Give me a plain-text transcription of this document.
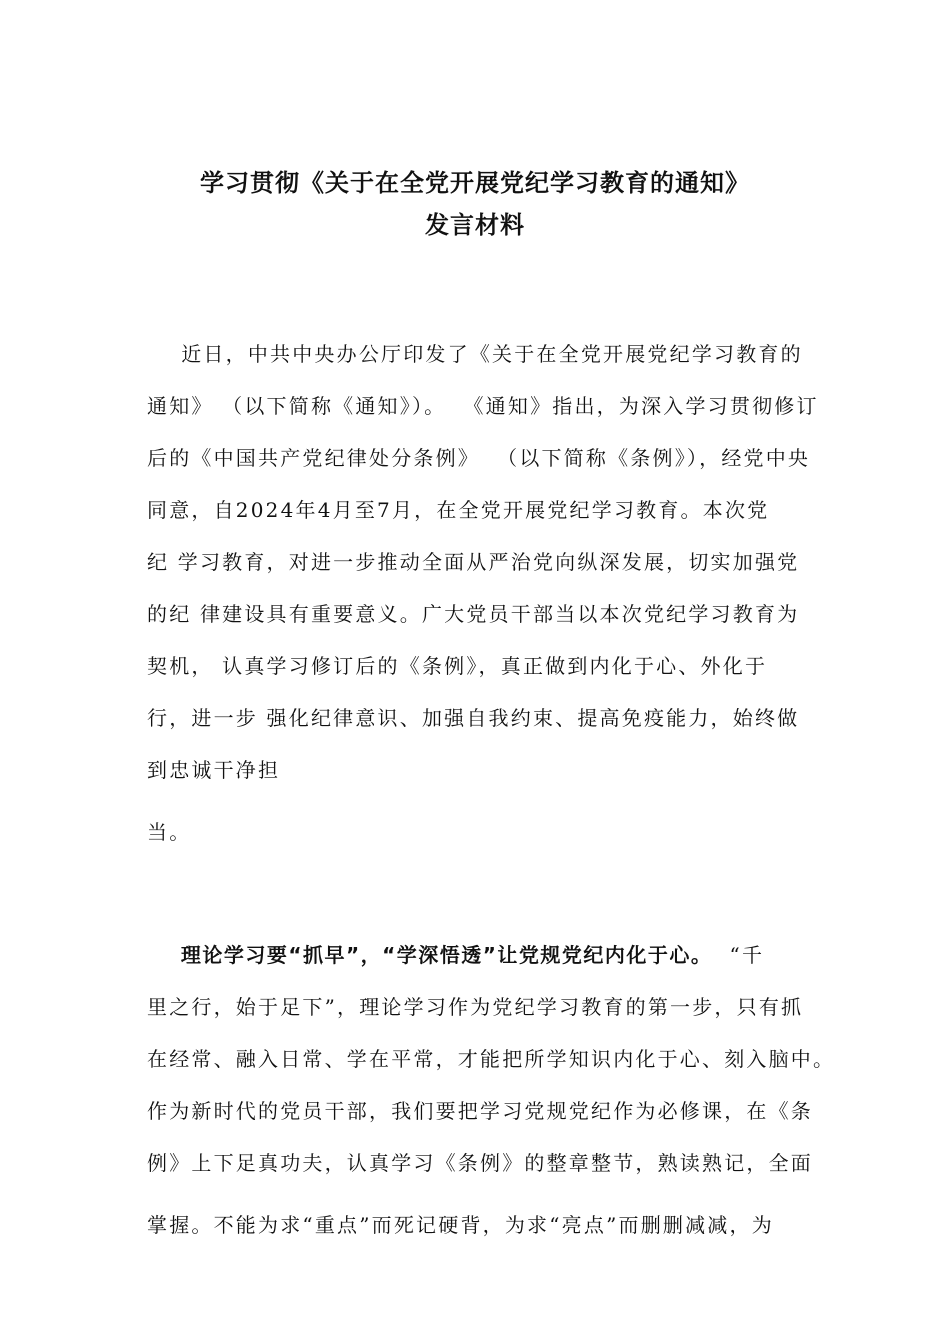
学习贯彻《关于在全党开展党纪学习教育的通知》
发言材料
近日，中共中央办公厅印发了《关于在全党开展党纪学习教育的
通知》 （以下简称《通知》）。  《通知》指出，为深入学习贯彻修订
后的《中国共产党纪律处分条例》  （以下简称《条例》），经党中央
同意，自2024年4月至7月，在全党开展党纪学习教育。本次党
纪 学习教育，对进一步推动全面从严治党向纵深发展，切实加强党
的纪 律建设具有重要意义。广大党员干部当以本次党纪学习教育为
契机， 认真学习修订后的《条例》，真正做到内化于心、外化于
行，进一步 强化纪律意识、加强自我约束、提高免疫能力，始终做
到忠诚干净担
当。
理论学习要“抓早”，“学深悟透”让党规党纪内化于心。  “千
里之行，始于足下”，理论学习作为党纪学习教育的第一步，只有抓
在经常、融入日常、学在平常，才能把所学知识内化于心、刻入脑中。
作为新时代的党员干部，我们要把学习党规党纪作为必修课，在《条
例》上下足真功夫，认真学习《条例》的整章整节，熟读熟记，全面
掌握。不能为求“重点”而死记硬背，为求“亮点”而删删减减，为
